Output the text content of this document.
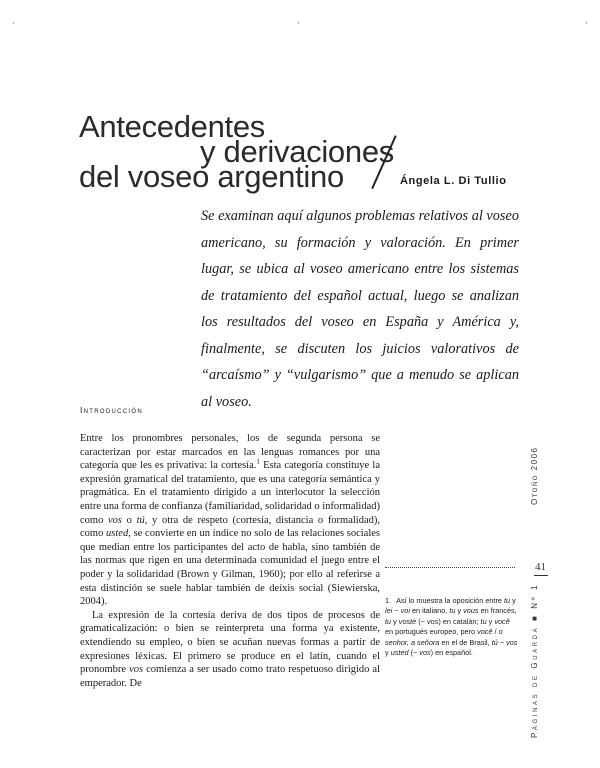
·	·	·
Antecedentes
y derivaciones
del voseo argentino	Ángela L. Di Tullio

Se examinan aquí algunos problemas relativos al voseo americano, su formación y valoración. En primer lugar, se ubica al voseo americano entre los sistemas de tratamiento del español actual, luego se analizan los resultados del voseo en España y América y, finalmente, se discuten los juicios valorativos de “arcaísmo” y “vulgarismo” que a menudo se aplican al voseo.

Introducción

Entre los pronombres personales, los de segunda persona se caracterizan por estar marcados en las lenguas romances por una categoría que les es privativa: la cortesía.$^1$ Esta categoría constituye la expresión gramatical del tratamiento, que es una categoría semántica y pragmática. En el tratamiento dirigido a un interlocutor la selección entre una forma de confianza (familiaridad, solidaridad o informalidad) como vos o tú, y otra de respeto (cortesía, distancia o formalidad), como usted, se convierte en un índice no solo de las relaciones sociales que median entre los participantes del acto de habla, sino también de las normas que rigen en una determinada comunidad el juego entre el poder y la solidaridad (Brown y Gilman, 1960); por ello al referirse a esta distinción se suele hablar también de deíxis social (Siewierska, 2004).

La expresión de la cortesía deriva de dos tipos de procesos de gramaticalización: o bien se reinterpreta una forma ya existente, extendiendo su empleo, o bien se acuñan nuevas formas a partir de expresiones léxicas. El primero se produce en el latín, cuando el pronombre vos comienza a ser usado como trato respetuoso dirigido al emperador. De

1. Así lo muestra la oposición entre tu y lei ~ voi en italiano, tu y vous en francés, tu y vostè (~ vos) en catalán; tu y você en portugués europeo, pero você / o senhor, a señora en el de Brasil, tú ~ vos y usted (~ vos) en español.

Otoño 2006
41
Páginas de Guarda ■ Nº 1
